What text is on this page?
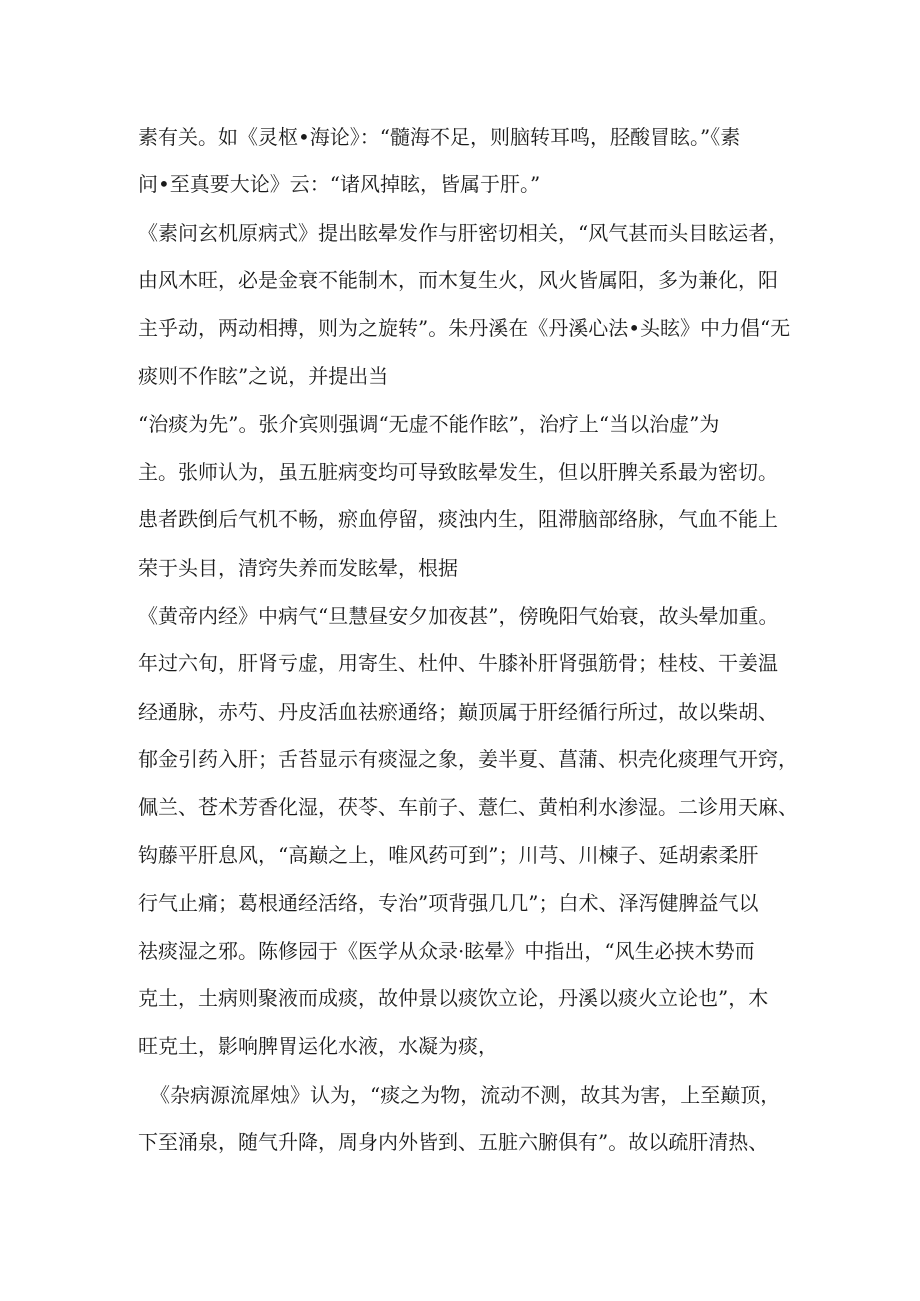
素有关。如《灵枢•海论》：“髓海不足，则脑转耳鸣，胫酸冒眩。”《素

问•至真要大论》云：“诸风掉眩，皆属于肝。”

《素问玄机原病式》提出眩晕发作与肝密切相关，“风气甚而头目眩运者，

由风木旺，必是金衰不能制木，而木复生火，风火皆属阳，多为兼化，阳

主乎动，两动相搏，则为之旋转”。朱丹溪在《丹溪心法•头眩》中力倡“无

痰则不作眩”之说，并提出当

“治痰为先”。张介宾则强调“无虚不能作眩”，治疗上“当以治虚”为

主。张师认为，虽五脏病变均可导致眩晕发生，但以肝脾关系最为密切。

患者跌倒后气机不畅，瘀血停留，痰浊内生，阻滞脑部络脉，气血不能上

荣于头目，清窍失养而发眩晕，根据

《黄帝内经》中病气“旦慧昼安夕加夜甚”，傍晚阳气始衰，故头晕加重。

年过六旬，肝肾亏虚，用寄生、杜仲、牛膝补肝肾强筋骨；桂枝、干姜温

经通脉，赤芍、丹皮活血祛瘀通络；巅顶属于肝经循行所过，故以柴胡、

郁金引药入肝；舌苔显示有痰湿之象，姜半夏、菖蒲、枳壳化痰理气开窍，

佩兰、苍术芳香化湿，茯苓、车前子、薏仁、黄柏利水渗湿。二诊用天麻、

钩藤平肝息风，“高巅之上，唯风药可到”；川芎、川楝子、延胡索柔肝

行气止痛；葛根通经活络，专治”项背强几几”；白术、泽泻健脾益气以

祛痰湿之邪。陈修园于《医学从众录·眩晕》中指出，“风生必挟木势而

克土，土病则聚液而成痰，故仲景以痰饮立论，丹溪以痰火立论也”，木

旺克土，影响脾胃运化水液，水凝为痰，

《杂病源流犀烛》认为，“痰之为物，流动不测，故其为害，上至巅顶，

下至涌泉，随气升降，周身内外皆到、五脏六腑俱有”。故以疏肝清热、
